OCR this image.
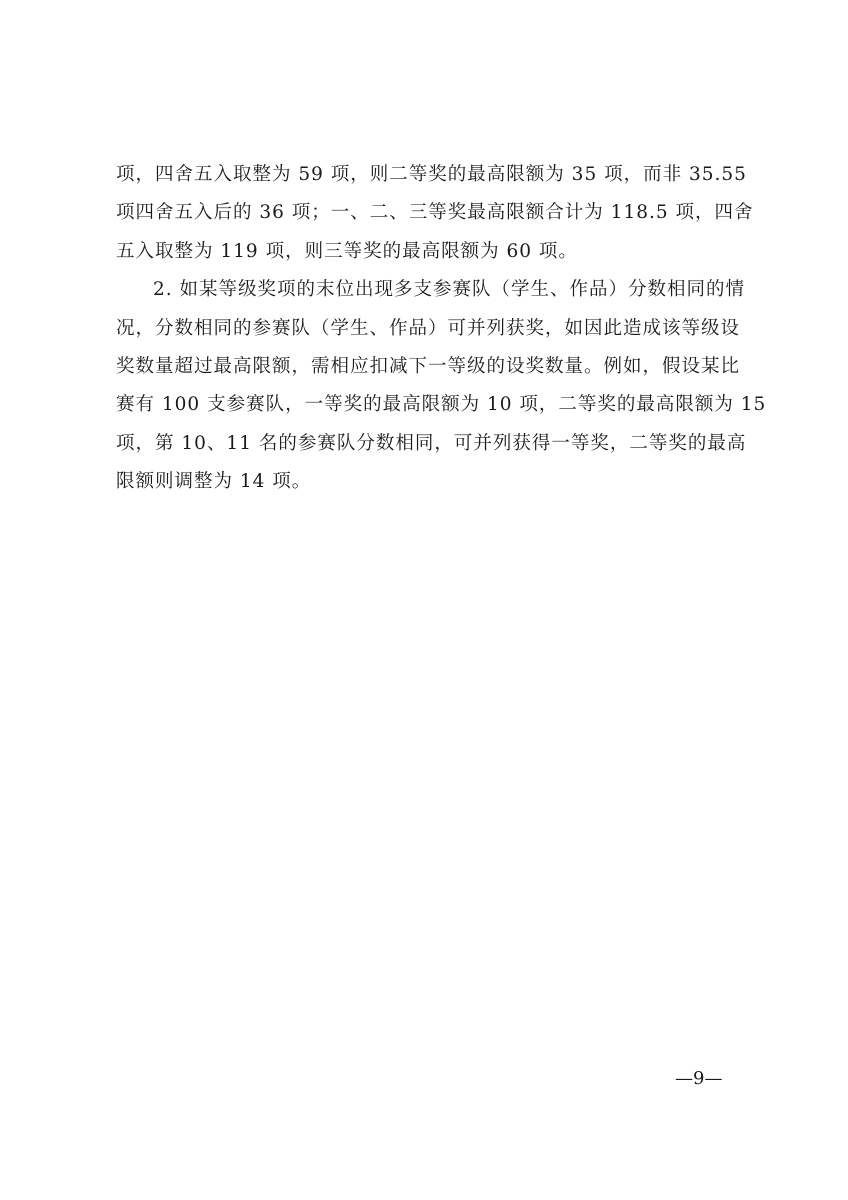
项，四舍五入取整为 59 项，则二等奖的最高限额为 35 项，而非 35.55
项四舍五入后的 36 项；一、二、三等奖最高限额合计为 118.5 项，四舍
五入取整为 119 项，则三等奖的最高限额为 60 项。

2. 如某等级奖项的末位出现多支参赛队（学生、作品）分数相同的情
况，分数相同的参赛队（学生、作品）可并列获奖，如因此造成该等级设
奖数量超过最高限额，需相应扣减下一等级的设奖数量。例如，假设某比
赛有 100 支参赛队，一等奖的最高限额为 10 项，二等奖的最高限额为 15
项，第 10、11 名的参赛队分数相同，可并列获得一等奖，二等奖的最高
限额则调整为 14 项。

—9—
